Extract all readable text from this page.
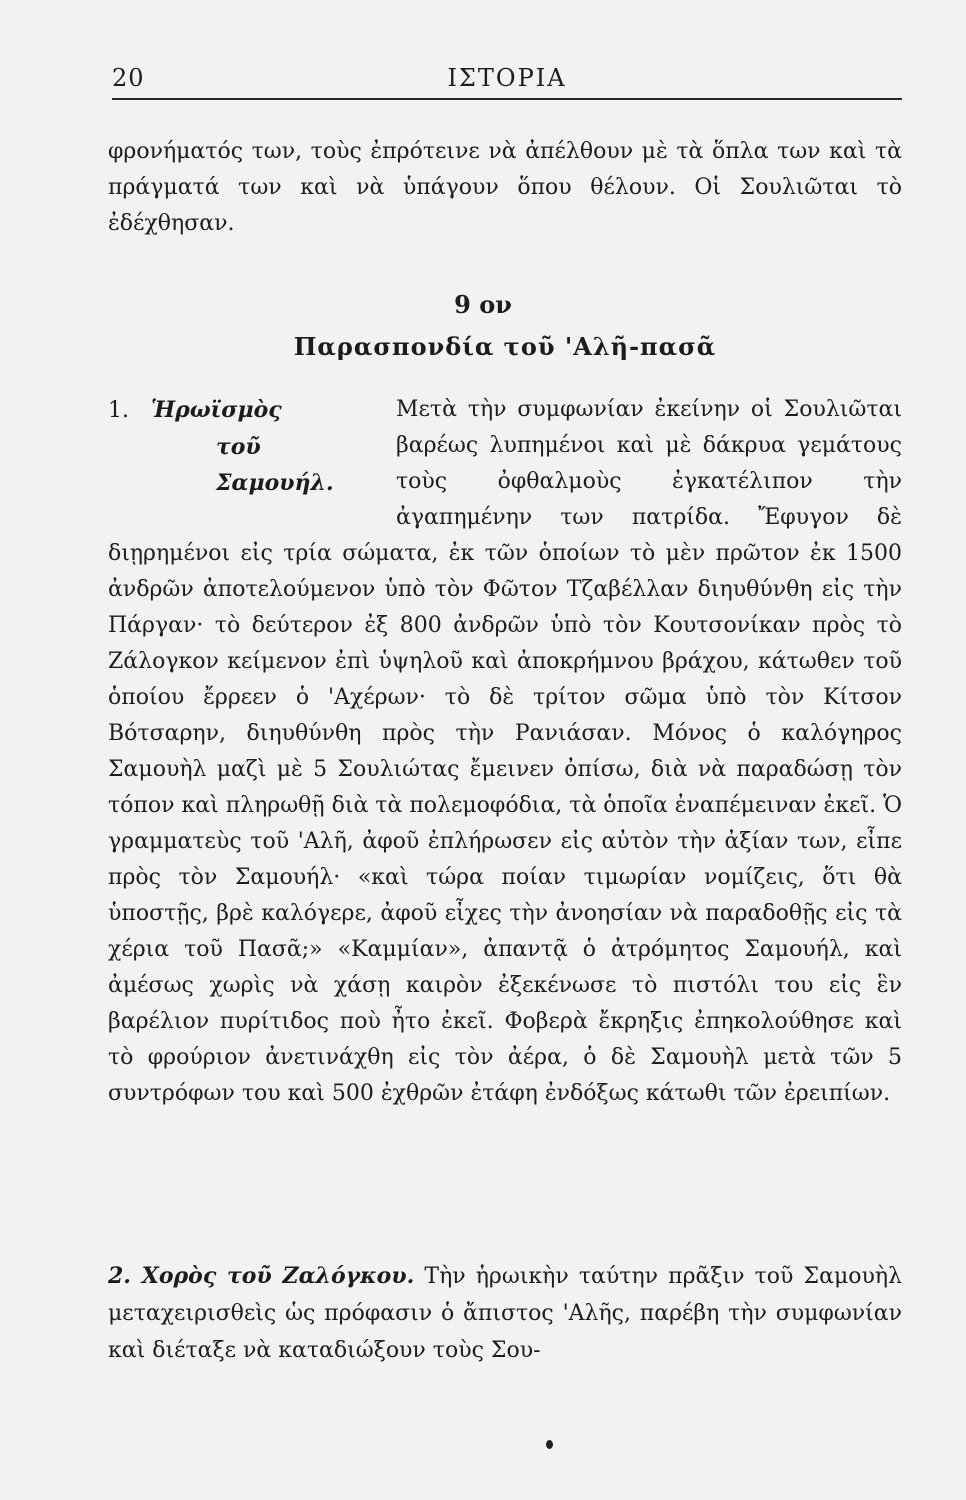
20	ΙΣΤΟΡΙΑ

φρονήματός των, τοὺς ἐπρότεινε νὰ ἀπέλθουν μὲ τὰ ὅπλα των καὶ τὰ πράγματά των καὶ νὰ ὑπάγουν ὅπου θέλουν. Οἱ Σουλιῶται τὸ ἐδέχθησαν.

9 ον
Παρασπονδία τοῦ 'Αλῆ-πασᾶ
1. Ἡρωϊσμὸς
τοῦ Σαμουήλ.
Μετὰ τὴν συμφωνίαν ἐκείνην οἱ Σουλιῶται βαρέως λυπημένοι καὶ μὲ δάκρυα γεμάτους τοὺς ὀφθαλμοὺς ἐγκατέλιπον τὴν ἀγαπημένην των πατρίδα. Ἔφυγον δὲ διῃρημένοι εἰς τρία σώματα, ἐκ τῶν ὁποίων τὸ μὲν πρῶτον ἐκ 1500 ἀνδρῶν ἀποτελούμενον ὑπὸ τὸν Φῶτον Τζαβέλλαν διηυθύνθη εἰς τὴν Πάργαν· τὸ δεύτερον ἐξ 800 ἀνδρῶν ὑπὸ τὸν Κουτσονίκαν πρὸς τὸ Ζάλογκον κείμενον ἐπὶ ὑψηλοῦ καὶ ἀποκρήμνου βράχου, κάτωθεν τοῦ ὁποίου ἔρρεεν ὁ 'Αχέρων· τὸ δὲ τρίτον σῶμα ὑπὸ τὸν Κίτσον Βότσαρην, διηυθύνθη πρὸς τὴν Ρανιάσαν. Μόνος ὁ καλόγηρος Σαμουὴλ μαζὶ μὲ 5 Σουλιώτας ἔμεινεν ὀπίσω, διὰ νὰ παραδώσῃ τὸν τόπον καὶ πληρωθῇ διὰ τὰ πολεμοφόδια, τὰ ὁποῖα ἐναπέμειναν ἐκεῖ. Ὁ γραμματεὺς τοῦ 'Αλῆ, ἀφοῦ ἐπλήρωσεν εἰς αὐτὸν τὴν ἀξίαν των, εἶπε πρὸς τὸν Σαμουήλ· «καὶ τώρα ποίαν τιμωρίαν νομίζεις, ὅτι θὰ ὑποστῇς, βρὲ καλόγερε, ἀφοῦ εἶχες τὴν ἀνοησίαν νὰ παραδοθῇς εἰς τὰ χέρια τοῦ Πασᾶ;» «Καμμίαν», ἀπαντᾷ ὁ ἀτρόμητος Σαμουήλ, καὶ ἀμέσως χωρὶς νὰ χάσῃ καιρὸν ἐξεκένωσε τὸ πιστόλι του εἰς ἓν βαρέλιον πυρίτιδος ποὺ ἦτο ἐκεῖ. Φοβερὰ ἔκρηξις ἐπηκολούθησε καὶ τὸ φρούριον ἀνετινάχθη εἰς τὸν ἀέρα, ὁ δὲ Σαμουὴλ μετὰ τῶν 5 συντρόφων του καὶ 500 ἐχθρῶν ἐτάφη ἐνδόξως κάτωθι τῶν ἐρειπίων.
2. Χορὸς τοῦ Ζαλόγκου. Τὴν ἡρωικὴν ταύτην πρᾶξιν τοῦ Σαμουὴλ μεταχειρισθεὶς ὡς πρόφασιν ὁ ἄπιστος 'Αλῆς, παρέβη τὴν συμφωνίαν καὶ διέταξε νὰ καταδιώξουν τοὺς Σου-
